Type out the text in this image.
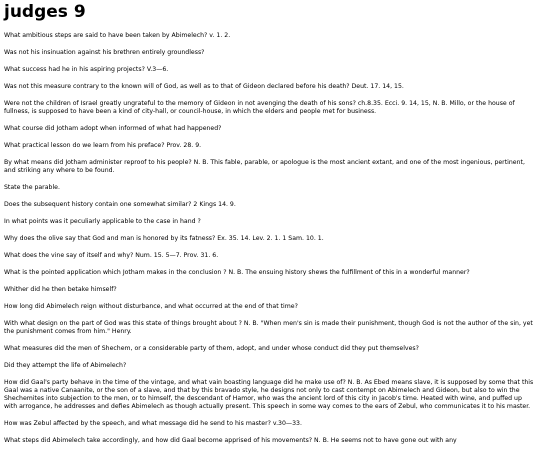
judges 9

What ambitious steps are said to have been taken by Abimelech? v. 1. 2.

Was not his insinuation against his brethren entirely groundless?

What success had he in his aspiring projects? V.3—6.

Was not this measure contrary to the known will of God, as well as to that of Gideon declared before his death? Deut. 17. 14, 15.

Were not the children of Israel greatly ungrateful to the memory of Gideon in not avenging the death of his sons? ch.8.35. Ecci. 9. 14, 15, N. B. Millo, or the house of fullness, is supposed to have been a kind of city-hall, or council-house, in which the elders and people met for business.

What course did Jotham adopt when informed of what had happened?

What practical lesson do we learn from his preface? Prov. 28. 9.

By what means did Jotham administer reproof to his people? N. B. This fable, parable, or apologue is the most ancient extant, and one of the most ingenious, pertinent, and striking any where to be found.

State the parable.

Does the subsequent history contain one somewhat similar? 2 Kings 14. 9.

In what points was it peculiarly applicable to the case in hand ?

Why does the olive say that God and man is honored by its fatness? Ex. 35. 14. Lev. 2. 1. 1 Sam. 10. 1.

What does the vine say of itself and why? Num. 15. 5—7. Prov. 31. 6.

What is the pointed application which Jotham makes in the conclusion ? N. B. The ensuing history shews the fulfillment of this in a wonderful manner?

Whither did he then betake himself?

How long did Abimelech reign without disturbance, and what occurred at the end of that time?

With what design on the part of God was this state of things brought about ? N. B. "When men's sin is made their punishment, though God is not the author of the sin, yet the punishment comes from him." Henry.

What measures did the men of Shechem, or a considerable party of them, adopt, and under whose conduct did they put themselves?

Did they attempt the life of Abimelech?

How did Gaal's party behave in the time of the vintage, and what vain boasting language did he make use of? N. B. As Ebed means slave, it is supposed by some that this Gaal was a native Canaanite, or the son of a slave, and that by this bravado style, he designs not only to cast contempt on Abimelech and Gideon, but also to win the Shechemites into subjection to the men, or to himself, the descendant of Hamor, who was the ancient lord of this city in Jacob's time. Heated with wine, and puffed up with arrogance, he addresses and defies Abimelech as though actually present. This speech in some way comes to the ears of Zebul, who communicates it to his master.

How was Zebul affected by the speech, and what message did he send to his master? v.30—33.

What steps did Abimelech take accordingly, and how did Gaal become apprised of his movements? N. B. He seems not to have gone out with any
